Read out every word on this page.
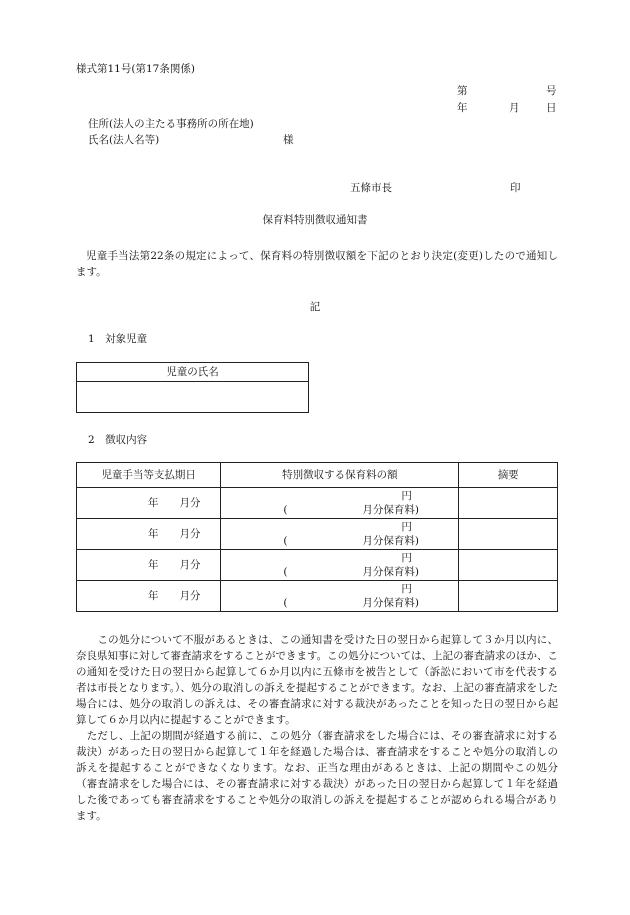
様式第11号(第17条関係)
第	号
年	月	日
住所(法人の主たる事務所の所在地)
氏名(法人名等)	様
五條市長	印
保育料特別徴収通知書
児童手当法第22条の規定によって、保育料の特別徴収額を下記のとおり決定(変更)したので通知します。
記
1　対象児童
児童の氏名

2　徴収内容
児童手当等支払期日	特別徴収する保育料の額	摘要

年　　月分	円
( 月分保育料)	

年　　月分	円
( 月分保育料)	

年　　月分	円
( 月分保育料)	

年　　月分	円
( 月分保育料)	

　　この処分について不服があるときは、この通知書を受けた日の翌日から起算して３か月以内に、奈良県知事に対して審査請求をすることができます。この処分については、上記の審査請求のほか、この通知を受けた日の翌日から起算して６か月以内に五條市を被告として（訴訟において市を代表する者は市長となります。）、処分の取消しの訴えを提起することができます。なお、上記の審査請求をした場合には、処分の取消しの訴えは、その審査請求に対する裁決があったことを知った日の翌日から起算して６か月以内に提起することができます。
　ただし、上記の期間が経過する前に、この処分（審査請求をした場合には、その審査請求に対する裁決）があった日の翌日から起算して１年を経過した場合は、審査請求をすることや処分の取消しの訴えを提起することができなくなります。なお、正当な理由があるときは、上記の期間やこの処分（審査請求をした場合には、その審査請求に対する裁決）があった日の翌日から起算して１年を経過した後であっても審査請求をすることや処分の取消しの訴えを提起することが認められる場合があります。
